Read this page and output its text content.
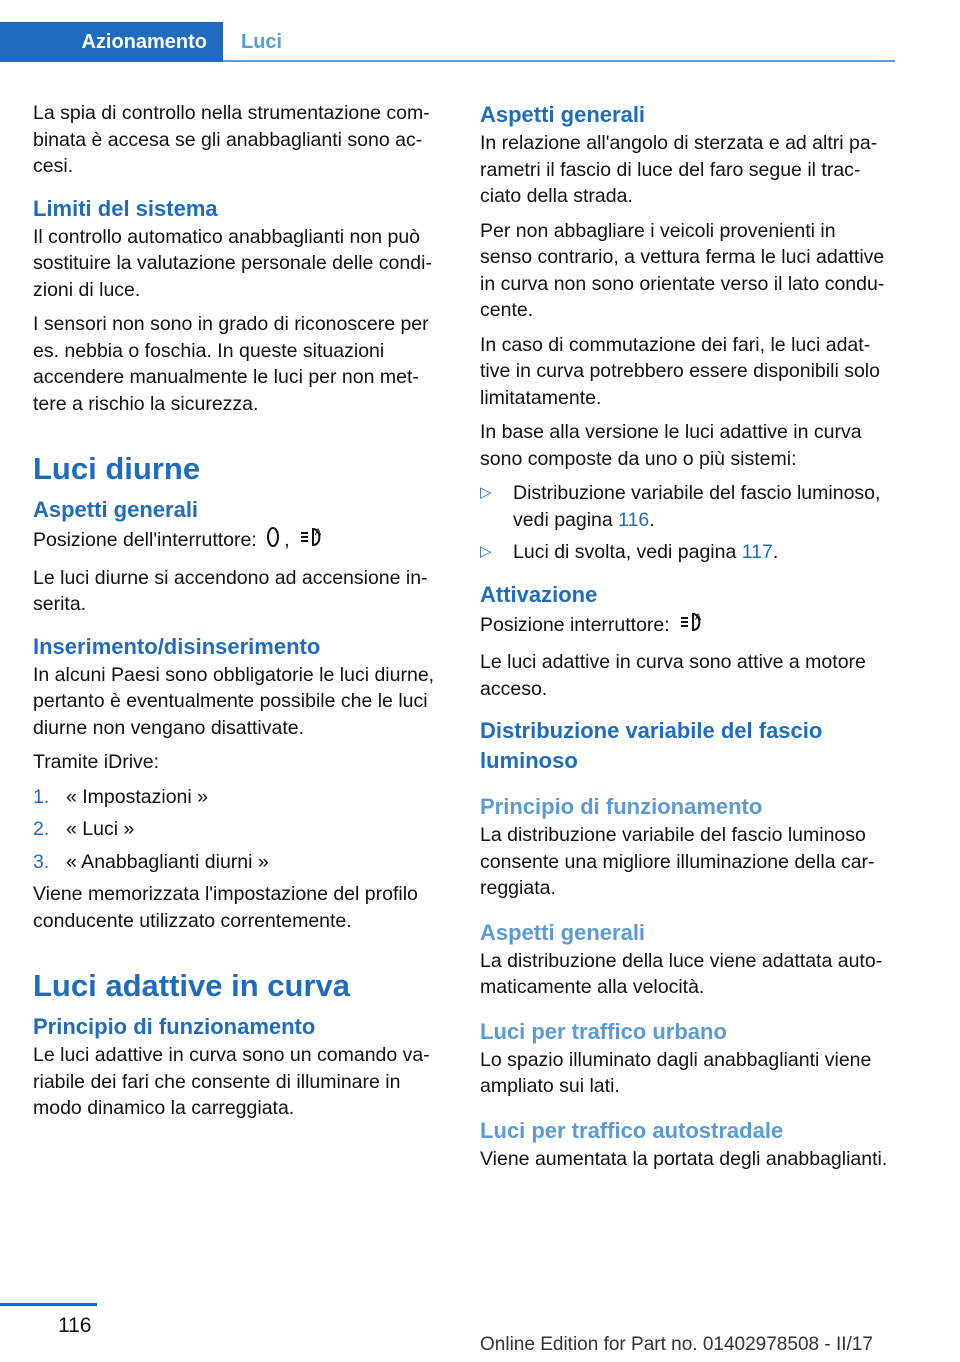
Azionamento	Luci

La spia di controllo nella strumentazione com-binata è accesa se gli anabbaglianti sono ac-cesi.

Limiti del sistema

Il controllo automatico anabbaglianti non può sostituire la valutazione personale delle condi-zioni di luce.

I sensori non sono in grado di riconoscere per es. nebbia o foschia. In queste situazioni accendere manualmente le luci per non met-tere a rischio la sicurezza.

Luci diurne
Aspetti generali

Posizione dell'interruttore: ,	A

Le luci diurne si accendono ad accensione in-serita.

Inserimento/disinserimento

In alcuni Paesi sono obbligatorie le luci diurne, pertanto è eventualmente possibile che le luci diurne non vengano disattivate.

Tramite iDrive:

1. « Impostazioni »
2. « Luci »
3. « Anabbaglianti diurni »

Viene memorizzata l'impostazione del profilo conducente utilizzato correntemente.

Luci adattive in curva
Principio di funzionamento

Le luci adattive in curva sono un comando va-riabile dei fari che consente di illuminare in modo dinamico la carreggiata.

Aspetti generali

In relazione all'angolo di sterzata e ad altri pa-rametri il fascio di luce del faro segue il trac-ciato della strada.

Per non abbagliare i veicoli provenienti in senso contrario, a vettura ferma le luci adattive in curva non sono orientate verso il lato condu-cente.

In caso di commutazione dei fari, le luci adat-tive in curva potrebbero essere disponibili solo limitatamente.

In base alla versione le luci adattive in curva sono composte da uno o più sistemi:

▷	Distribuzione variabile del fascio luminoso, vedi pagina 116.
▷	Luci di svolta, vedi pagina 117.
Attivazione

Posizione interruttore:	A

Le luci adattive in curva sono attive a motore acceso.

Distribuzione variabile del fascio luminoso
Principio di funzionamento

La distribuzione variabile del fascio luminoso consente una migliore illuminazione della car-reggiata.

Aspetti generali

La distribuzione della luce viene adattata auto-maticamente alla velocità.

Luci per traffico urbano

Lo spazio illuminato dagli anabbaglianti viene ampliato sui lati.

Luci per traffico autostradale

Viene aumentata la portata degli anabbaglianti.

116
Online Edition for Part no. 01402978508 - II/17
